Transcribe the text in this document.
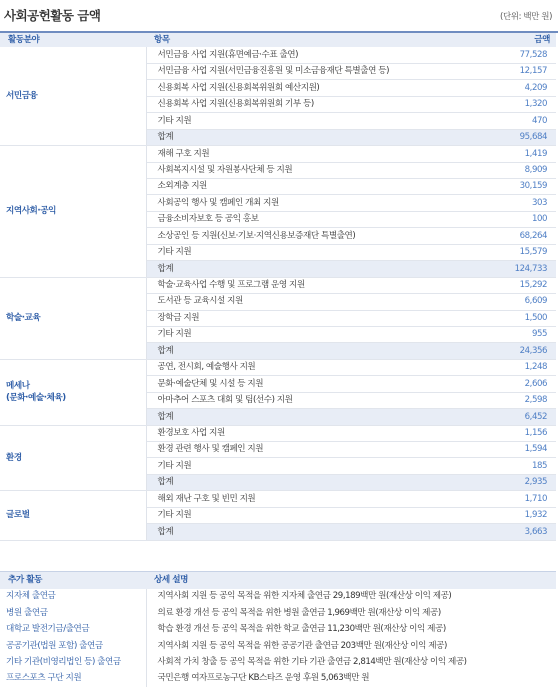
사회공헌활동 금액	(단위: 백만 원)
활동분야	항목	금액

서민금융	서민금융 사업 지원(휴면예금·수표 출연)	77,528
	서민금융 사업 지원(서민금융진흥원 및 미소금융재단 특별출연 등)	12,157
	신용회복 사업 지원(신용회복위원회 예산지원)	4,209
	신용회복 사업 지원(신용회복위원회 기부 등)	1,320
	기타 지원	470
	합계	95,684

지역사회·공익	재해 구호 지원	1,419
	사회복지시설 및 자원봉사단체 등 지원	8,909
	소외계층 지원	30,159
	사회공익 행사 및 캠페인 개최 지원	303
	금융소비자보호 등 공익 홍보	100
	소상공인 등 지원(신보·기보·지역신용보증재단 특별출연)	68,264
	기타 지원	15,579
	합계	124,733

학술·교육	학술·교육사업 수행 및 프로그램 운영 지원	15,292
	도서관 등 교육시설 지원	6,609
	장학금 지원	1,500
	기타 지원	955
	합계	24,356

메세나
(문화·예술·체육)	공연, 전시회, 예술행사 지원	1,248
	문화·예술단체 및 시설 등 지원	2,606
	아마추어 스포츠 대회 및 팀(선수) 지원	2,598
	합계	6,452

환경	환경보호 사업 지원	1,156
	환경 관련 행사 및 캠페인 지원	1,594
	기타 지원	185
	합계	2,935

글로벌	해외 재난 구호 및 빈민 지원	1,710
	기타 지원	1,932
	합계	3,663
추가 활동	상세 설명
지자체 출연금	지역사회 지원 등 공익 목적을 위한 지자체 출연금 29,189백만 원(재산상 이익 제공)
병원 출연금	의료 환경 개선 등 공익 목적을 위한 병원 출연금 1,969백만 원(재산상 이익 제공)
대학교 발전기금/출연금	학습 환경 개선 등 공익 목적을 위한 학교 출연금 11,230백만 원(재산상 이익 제공)
공공기관(법원 포함) 출연금	지역사회 지원 등 공익 목적을 위한 공공기관 출연금 203백만 원(재산상 이익 제공)
기타 기관(비영리법인 등) 출연금	사회적 가치 창출 등 공익 목적을 위한 기타 기관 출연금 2,814백만 원(재산상 이익 제공)
프로스포츠 구단 지원	국민은행 여자프로농구단 KB스타즈 운영 후원 5,063백만 원
